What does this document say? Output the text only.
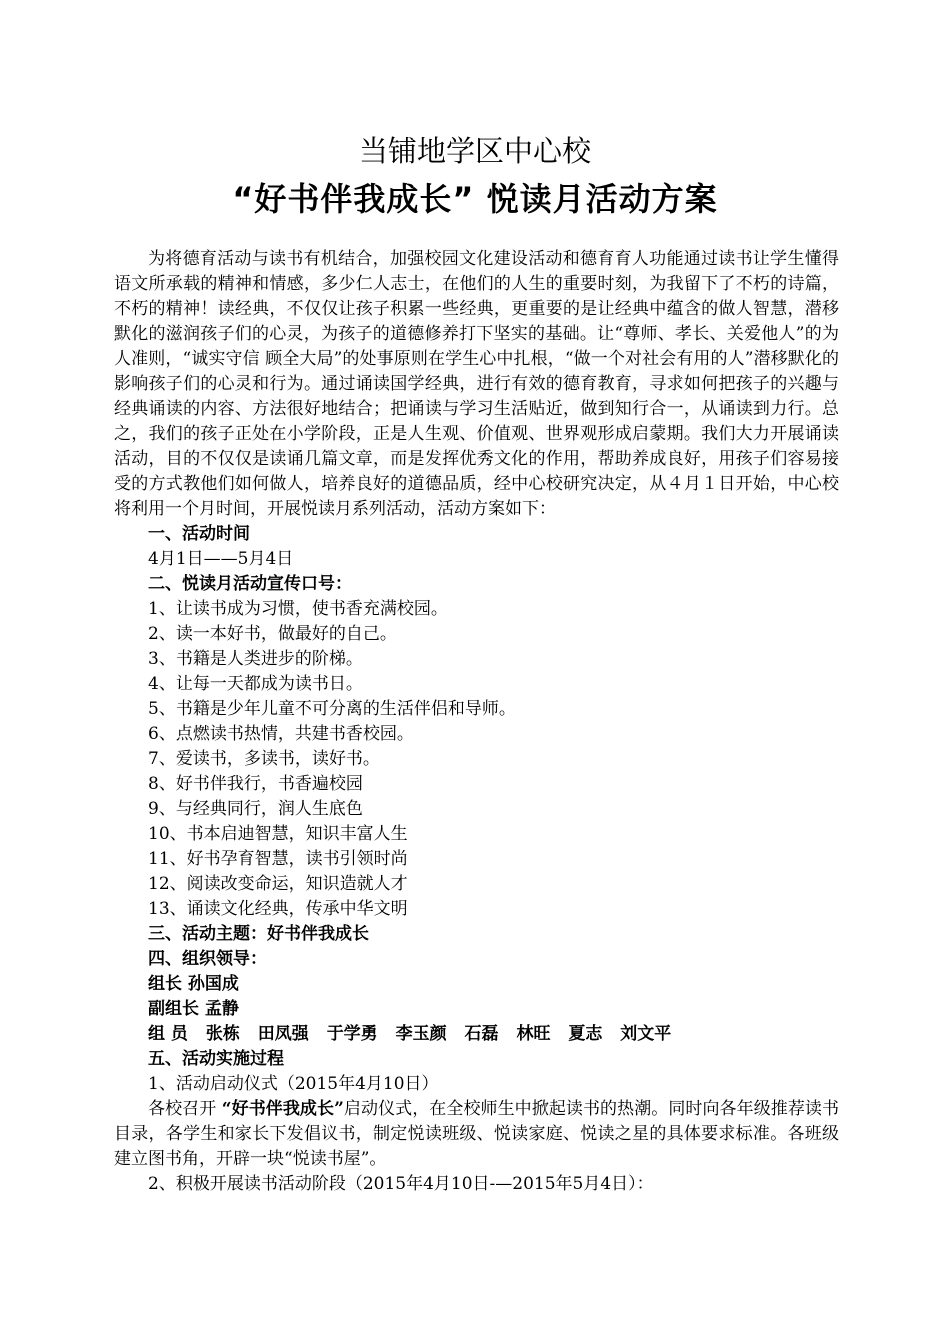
当铺地学区中心校
“好书伴我成长” 悦读月活动方案

为将德育活动与读书有机结合，加强校园文化建设活动和德育育人功能通过读书让学生懂得语文所承载的精神和情感，多少仁人志士，在他们的人生的重要时刻，为我留下了不朽的诗篇，不朽的精神！读经典，不仅仅让孩子积累一些经典，更重要的是让经典中蕴含的做人智慧，潜移默化的滋润孩子们的心灵，为孩子的道德修养打下坚实的基础。让“尊师、孝长、关爱他人”的为人准则，“诚实守信 顾全大局”的处事原则在学生心中扎根，“做一个对社会有用的人”潜移默化的影响孩子们的心灵和行为。通过诵读国学经典，进行有效的德育教育，寻求如何把孩子的兴趣与经典诵读的内容、方法很好地结合；把诵读与学习生活贴近，做到知行合一，从诵读到力行。总之，我们的孩子正处在小学阶段，正是人生观、价值观、世界观形成启蒙期。我们大力开展诵读活动，目的不仅仅是读诵几篇文章，而是发挥优秀文化的作用，帮助养成良好，用孩子们容易接受的方式教他们如何做人，培养良好的道德品质，经中心校研究决定，从４月１日开始，中心校将利用一个月时间，开展悦读月系列活动，活动方案如下：

一、活动时间
4月1日——5月4日
二、悦读月活动宣传口号：
1、让读书成为习惯，使书香充满校园。
2、读一本好书，做最好的自己。
3、书籍是人类进步的阶梯。
4、让每一天都成为读书日。
5、书籍是少年儿童不可分离的生活伴侣和导师。
6、点燃读书热情，共建书香校园。
7、爱读书，多读书，读好书。
8、好书伴我行，书香遍校园
9、与经典同行，润人生底色
10、书本启迪智慧，知识丰富人生
11、好书孕育智慧，读书引领时尚
12、阅读改变命运，知识造就人才
13、诵读文化经典，传承中华文明
三、活动主题：好书伴我成长
四、组织领导：
组长 孙国成
副组长 孟静
组 员 张栋 田凤强 于学勇 李玉颜 石磊 林旺 夏志 刘文平
五、活动实施过程
1、活动启动仪式（2015年4月10日）

各校召开 “好书伴我成长”启动仪式，在全校师生中掀起读书的热潮。同时向各年级推荐读书目录，各学生和家长下发倡议书，制定悦读班级、悦读家庭、悦读之星的具体要求标准。各班级建立图书角，开辟一块“悦读书屋”。

2、积极开展读书活动阶段（2015年4月10日-—2015年5月4日）：
